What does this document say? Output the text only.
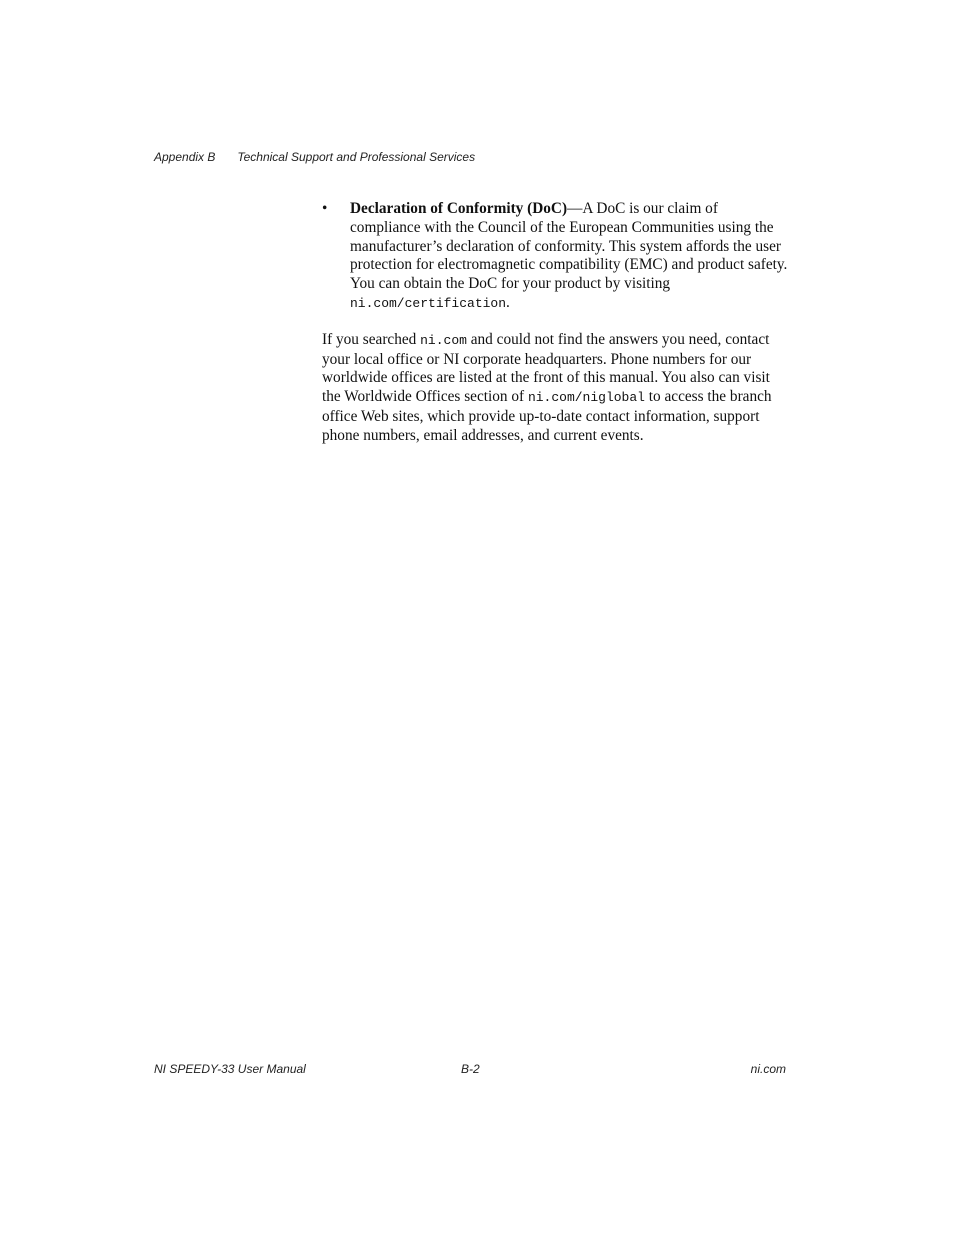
Appendix B Technical Support and Professional Services
• Declaration of Conformity (DoC)—A DoC is our claim of compliance with the Council of the European Communities using the manufacturer’s declaration of conformity. This system affords the user protection for electromagnetic compatibility (EMC) and product safety. You can obtain the DoC for your product by visiting ni.com/certification.
If you searched ni.com and could not find the answers you need, contact your local office or NI corporate headquarters. Phone numbers for our worldwide offices are listed at the front of this manual. You also can visit the Worldwide Offices section of ni.com/niglobal to access the branch office Web sites, which provide up-to-date contact information, support phone numbers, email addresses, and current events.
NI SPEEDY-33 User Manual	B-2	ni.com
